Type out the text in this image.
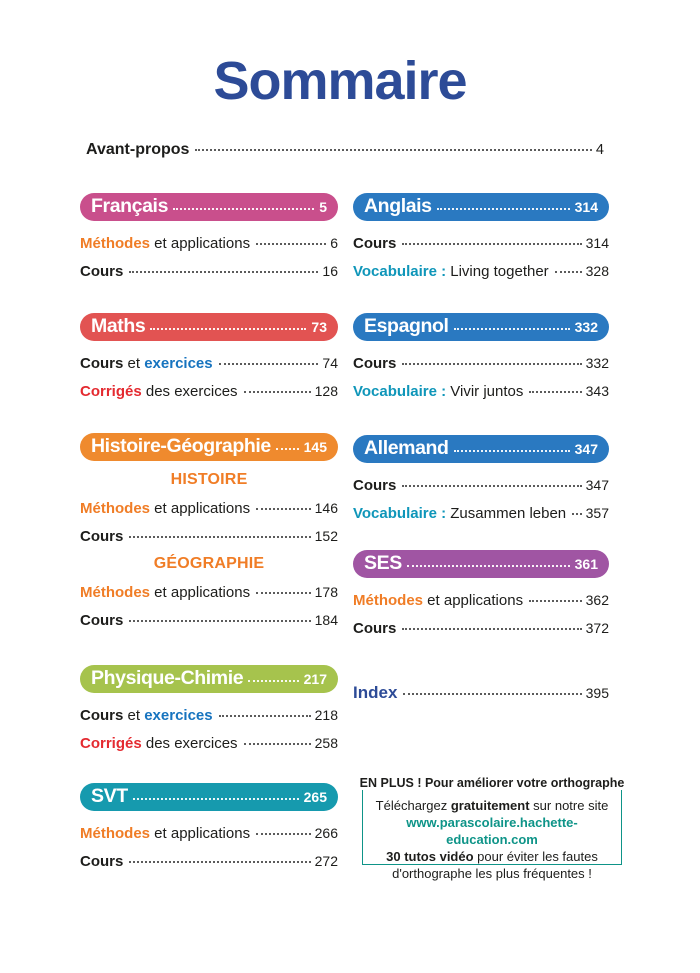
Sommaire
Avant-propos	4
Français	5
Méthodes et applications	6
Cours	16
Maths	73
Cours et exercices	74
Corrigés des exercices	128
Histoire-Géographie 145
HISTOIRE
Méthodes et applications	146
Cours	152
GÉOGRAPHIE
Méthodes et applications	178
Cours	184
Physique-Chimie	217
Cours et exercices	218
Corrigés des exercices	258
SVT	265
Méthodes et applications	266
Cours	272
Anglais	314
Cours	314
Vocabulaire : Living together	328
Espagnol	332
Cours	332
Vocabulaire : Vivir juntos	343
Allemand	347
Cours	347
Vocabulaire : Zusammen leben 357
SES	361
Méthodes et applications	362
Cours	372
Index	395
EN PLUS ! Pour améliorer votre orthographe
Téléchargez gratuitement sur notre site
www.parascolaire.hachette-education.com
30 tutos vidéo pour éviter les fautes
d'orthographe les plus fréquentes !
